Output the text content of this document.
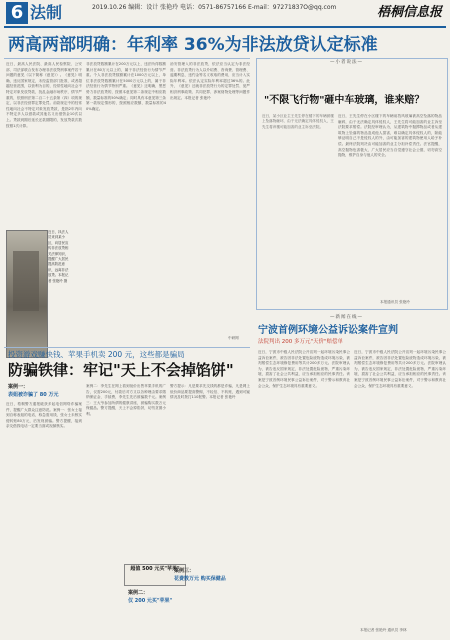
6 法制	2019.10.26 编辑：设计 张艳玲 电话：0571-86757166 E-mail：97271837O@qq.com	梧桐信息报
两高两部明确：年利率 36%为非法放贷认定标准
近日，最高人民法院、最高人民检察院、公安部、司法部联合发布办理非法放贷刑事案件若干问题的意见（以下简称《意见》）。《意见》明确，违反国家规定，未经监管部门批准，或者超越经营范围，以营利为目的，经常性地向社会不特定对象发放贷款，扰乱金融市场秩序，情节严重的，依照刑法第二百二十五条第（四）项的规定，以非法经营罪定罪处罚。前款规定中的经常性地向社会不特定对象发放贷款，是指2年内向不特定多人以借款或其他名义出借资金10次以上。贷款到期后延长还款期限的，发放贷款次数按照1次计算。
非法放贷数额累计在200万元以上，违法所得数额累计在80万元以上的，属于非法经营行为情节严重。个人非法放贷数额累计在1000万元以上，单位非法放贷数额累计在5000万元以上的，属于非法经营行为情节特别严重。《意见》还明确，黑恶势力非法放贷的，按照本意见第二条规定中相应数额、数量标准的50%确定；同时具有本意见第三条第一款规定情形的，按照相应数额、数量标准的40%确定。
治安管理入的非法放贷，依法应当认定为非法经营。非法放贷行为人以介绍费、咨询费、管理费、逾期利息、违约金等名义收取的费用，应当计入实际年利率。依法认定实际年利率超过36%的。此外，《意见》还就非法放贷行为的定罪处罚、宽严相济刑事政策、共同犯罪、涉案财物处理等问题作出规定。本报记者 张艳玲
中研网
近日，执法人员来到某小区，向居民宣传非法放贷相关法律知识，提醒广大居民提高防范意识，远离非法放贷。本报记者 张艳玲 摄
—小者说法—
"不限飞行物"砸中车玻璃，谁来赔？
近日，某小区业主王先生停在楼下的车辆被楼上坠落物砸坏，由于无法确定具体侵权人，王先生将该楼可能加害的业主诉至法院。
近日，王先生停在小区楼下的车辆前挡风玻璃被高空坠落的物品砸碎，由于无法确定具体侵权人，王先生将可能加害的业主诉至法院要求赔偿。法院经审理认为，从建筑物中抛掷物品或者从建筑物上坠落的物品造成他人损害，难以确定具体侵权人的，除能够证明自己不是侵权人的外，由可能加害的建筑物使用人给予补偿。最终法院判决由可能加害的业主分担补偿责任。法官提醒，高空抛物危害极大，广大居民应当自觉遵守社会公德，切勿高空抛物，维护自身与他人的安全。
本报通讯员 张艳玲
投资游戏赚快钱、苹果手机卖 200 元，这些都是骗局
防骗铁律：牢记"天上不会掉馅饼"
案例一：
表姐被诈骗了 80 万元
近日，梧桐警方通报破获多起电信网络诈骗案件，提醒广大群众注意防范。案例一：张女士接到自称表姐的电话，称急需用钱，张女士未核实便转账80万元，后发现被骗。警方提醒，接到亲友借钱电话一定要当面或视频核实。
案例二：李先生在网上看到低价出售苹果手机的广告，仅需200元，付款后对方又以各种理由要求缴纳保证金、手续费，李先生先后被骗数千元。案例三：王大爷参加所谓的健康讲座，被骗购买数万元保健品。警方提醒，天上不会掉馅饼，切勿贪图小利。
超值 500 元买"苹果"
案例二：
仅 200 元买"苹果"
警方提示：凡是要求先交钱的都是诈骗，凡是网上低价商品要提高警惕，不轻信、不转账，遇到可疑情况及时拨打110报警。本报记者 张艳玲
案例三：
花费数万元 购买保健品
—新闻在线—
宁波首例环境公益诉讼案件宣判
法院判出 200 多万元"天价"赔偿单
近日，宁波市中级人民法院公开宣判一起环境污染民事公益诉讼案件，被告因非法处置危险废物造成环境污染，被判赔偿生态环境修复费用等共计200多万元。法院审理认为，被告违反国家规定，非法处置危险废物，严重污染环境，损害了社会公共利益，应当承担相应的民事责任。该案是宁波首例环境民事公益诉讼案件，对于警示和教育社会公众，保护生态环境具有重要意义。
近日，宁波市中级人民法院公开宣判一起环境污染民事公益诉讼案件，被告因非法处置危险废物造成环境污染，被判赔偿生态环境修复费用等共计200多万元。法院审理认为，被告违反国家规定，非法处置危险废物，严重污染环境，损害了社会公共利益，应当承担相应的民事责任。该案是宁波首例环境民事公益诉讼案件，对于警示和教育社会公众，保护生态环境具有重要意义。
本报记者 张艳玲 通讯员 李林
